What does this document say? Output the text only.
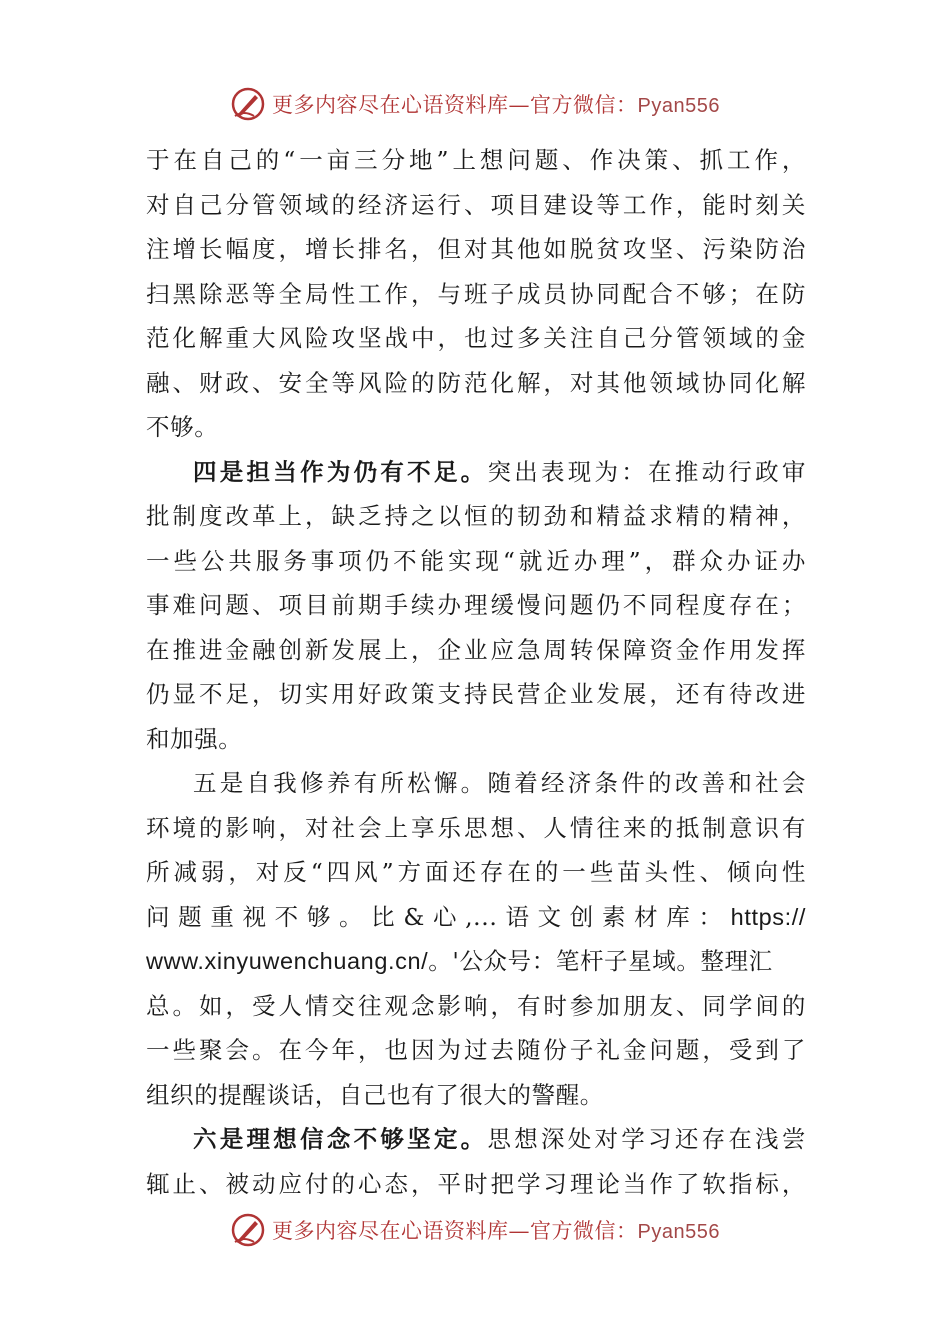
更多内容尽在心语资料库—官方微信：Pyan556
于在自己的“一亩三分地”上想问题、作决策、抓工作，
对自己分管领域的经济运行、项目建设等工作，能时刻关
注增长幅度，增长排名，但对其他如脱贫攻坚、污染防治
扫黑除恶等全局性工作，与班子成员协同配合不够；在防
范化解重大风险攻坚战中，也过多关注自己分管领域的金
融、财政、安全等风险的防范化解，对其他领域协同化解
不够。
四是担当作为仍有不足。突出表现为：在推动行政审
批制度改革上，缺乏持之以恒的韧劲和精益求精的精神，
一些公共服务事项仍不能实现“就近办理”，群众办证办
事难问题、项目前期手续办理缓慢问题仍不同程度存在；
在推进金融创新发展上，企业应急周转保障资金作用发挥
仍显不足，切实用好政策支持民营企业发展，还有待改进
和加强。
五是自我修养有所松懈。随着经济条件的改善和社会
环境的影响，对社会上享乐思想、人情往来的抵制意识有
所减弱，对反“四风”方面还存在的一些苗头性、倾向性
问题重视不够。比&心,...语文创素材库：https://
www.xinyuwenchuang.cn/。'公众号：笔杆子星域。整理汇
总。如，受人情交往观念影响，有时参加朋友、同学间的
一些聚会。在今年，也因为过去随份子礼金问题，受到了
组织的提醒谈话，自己也有了很大的警醒。
六是理想信念不够坚定。思想深处对学习还存在浅尝
辄止、被动应付的心态，平时把学习理论当作了软指标，
更多内容尽在心语资料库—官方微信：Pyan556
